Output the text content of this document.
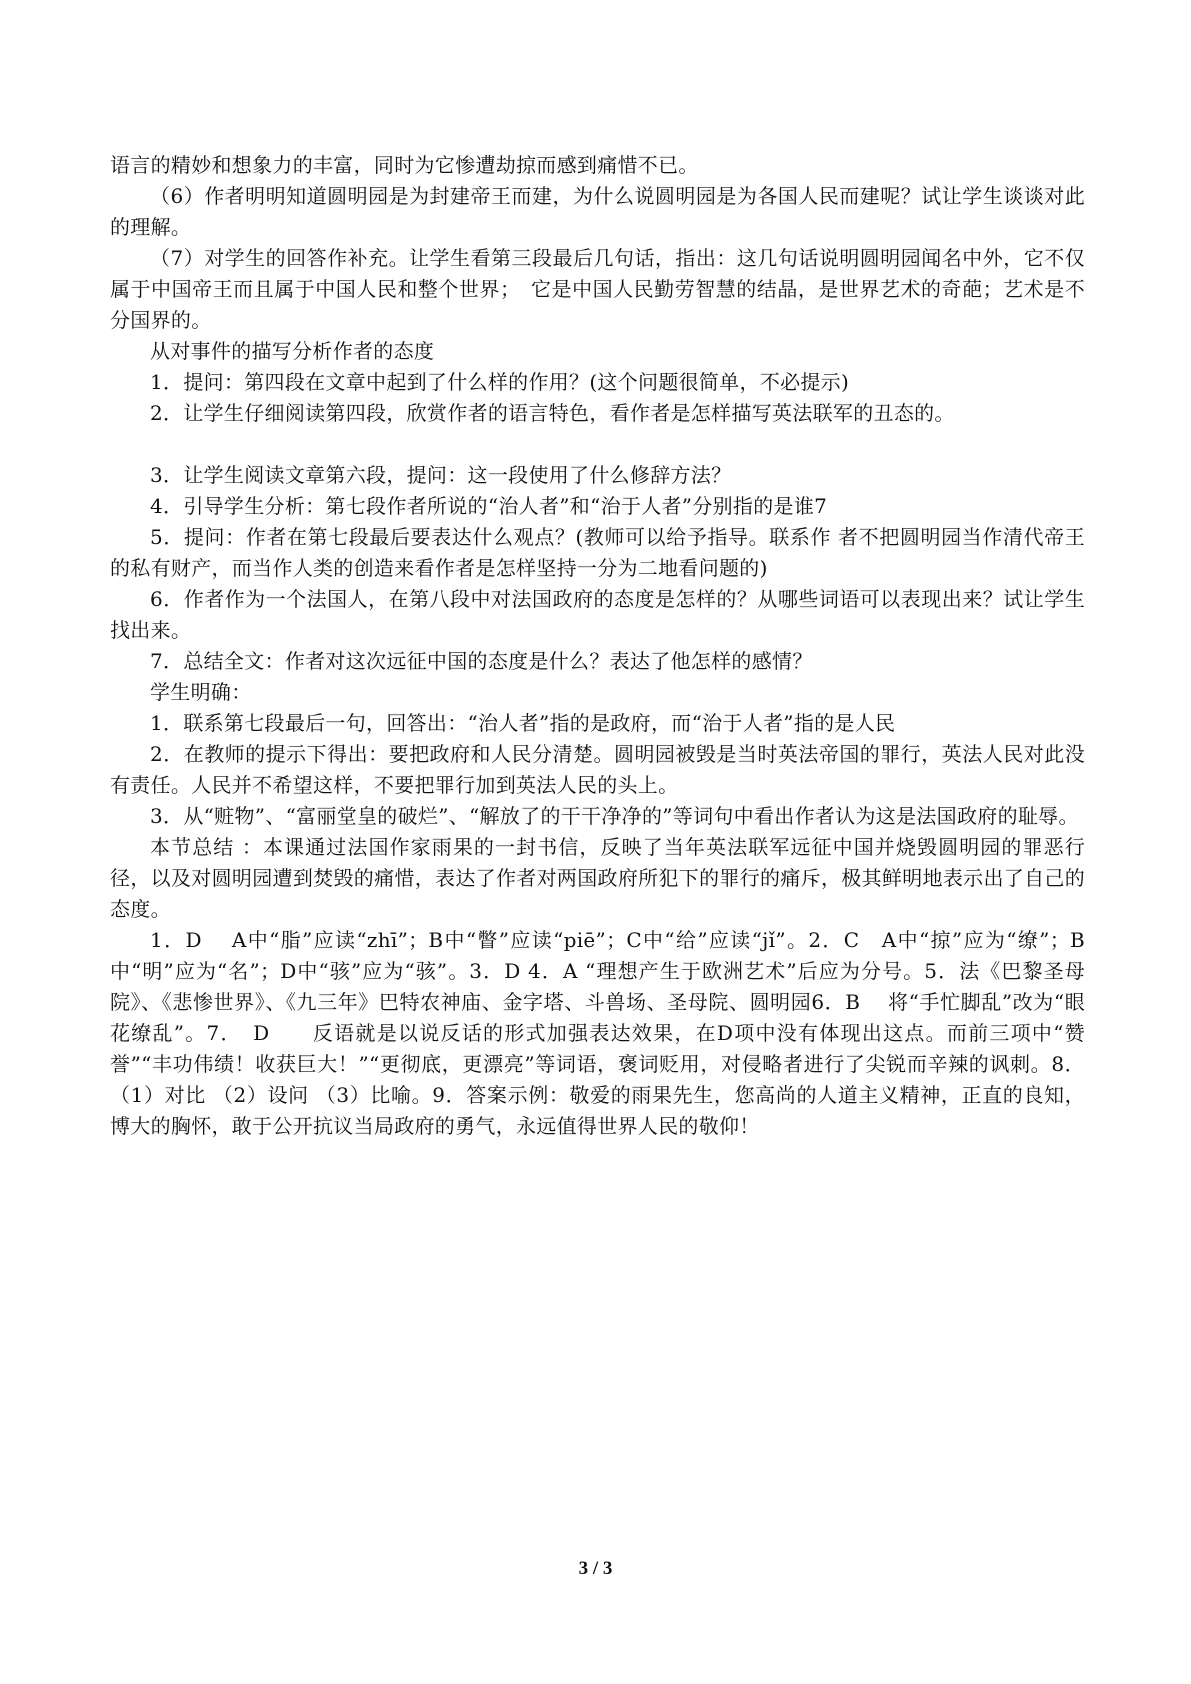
语言的精妙和想象力的丰富，同时为它惨遭劫掠而感到痛惜不已。

（6）作者明明知道圆明园是为封建帝王而建，为什么说圆明园是为各国人民而建呢？试让学生谈谈对此的理解。

（7）对学生的回答作补充。让学生看第三段最后几句话，指出：这几句话说明圆明园闻名中外，它不仅属于中国帝王而且属于中国人民和整个世界；　它是中国人民勤劳智慧的结晶，是世界艺术的奇葩；艺术是不分国界的。

从对事件的描写分析作者的态度

1．提问：第四段在文章中起到了什么样的作用？(这个问题很简单，不必提示)

2．让学生仔细阅读第四段，欣赏作者的语言特色，看作者是怎样描写英法联军的丑态的。

3．让学生阅读文章第六段，提问：这一段使用了什么修辞方法？

4．引导学生分析：第七段作者所说的“治人者”和“治于人者”分别指的是谁7

5．提问：作者在第七段最后要表达什么观点？(教师可以给予指导。联系作 者不把圆明园当作清代帝王的私有财产，而当作人类的创造来看作者是怎样坚持一分为二地看问题的)

6．作者作为一个法国人，在第八段中对法国政府的态度是怎样的？从哪些词语可以表现出来？试让学生找出来。

7．总结全文：作者对这次远征中国的态度是什么？表达了他怎样的感情？

学生明确：

1．联系第七段最后一句，回答出：“治人者”指的是政府，而“治于人者”指的是人民

2．在教师的提示下得出：要把政府和人民分清楚。圆明园被毁是当时英法帝国的罪行，英法人民对此没有责任。人民并不希望这样，不要把罪行加到英法人民的头上。

3．从“赃物”、“富丽堂皇的破烂”、“解放了的干干净净的”等词句中看出作者认为这是法国政府的耻辱。

本节总结 ：本课通过法国作家雨果的一封书信，反映了当年英法联军远征中国并烧毁圆明园的罪恶行径，以及对圆明园遭到焚毁的痛惜，表达了作者对两国政府所犯下的罪行的痛斥，极其鲜明地表示出了自己的态度。

1．D　 A中“脂”应读“zhī”；B中“瞥”应读“piē”；C中“给”应读“jǐ”。2．C　A中“掠”应为“缭”；B中“明”应为“名”；D中“骇”应为“骇”。3．D 4．A “理想产生于欧洲艺术”后应为分号。5．法《巴黎圣母院》、《悲惨世界》、《九三年》巴特农神庙、金字塔、斗兽场、圣母院、圆明园6．B　 将“手忙脚乱”改为“眼花缭乱”。7．　D　　反语就是以说反话的形式加强表达效果，在D项中没有体现出这点。而前三项中“赞誉”“丰功伟绩！收获巨大！”“更彻底，更漂亮”等词语，褒词贬用，对侵略者进行了尖锐而辛辣的讽刺。8．（1）对比 （2）设问 （3）比喻。9．答案示例：敬爱的雨果先生，您高尚的人道主义精神，正直的良知，博大的胸怀，敢于公开抗议当局政府的勇气，永远值得世界人民的敬仰！

3 / 3
